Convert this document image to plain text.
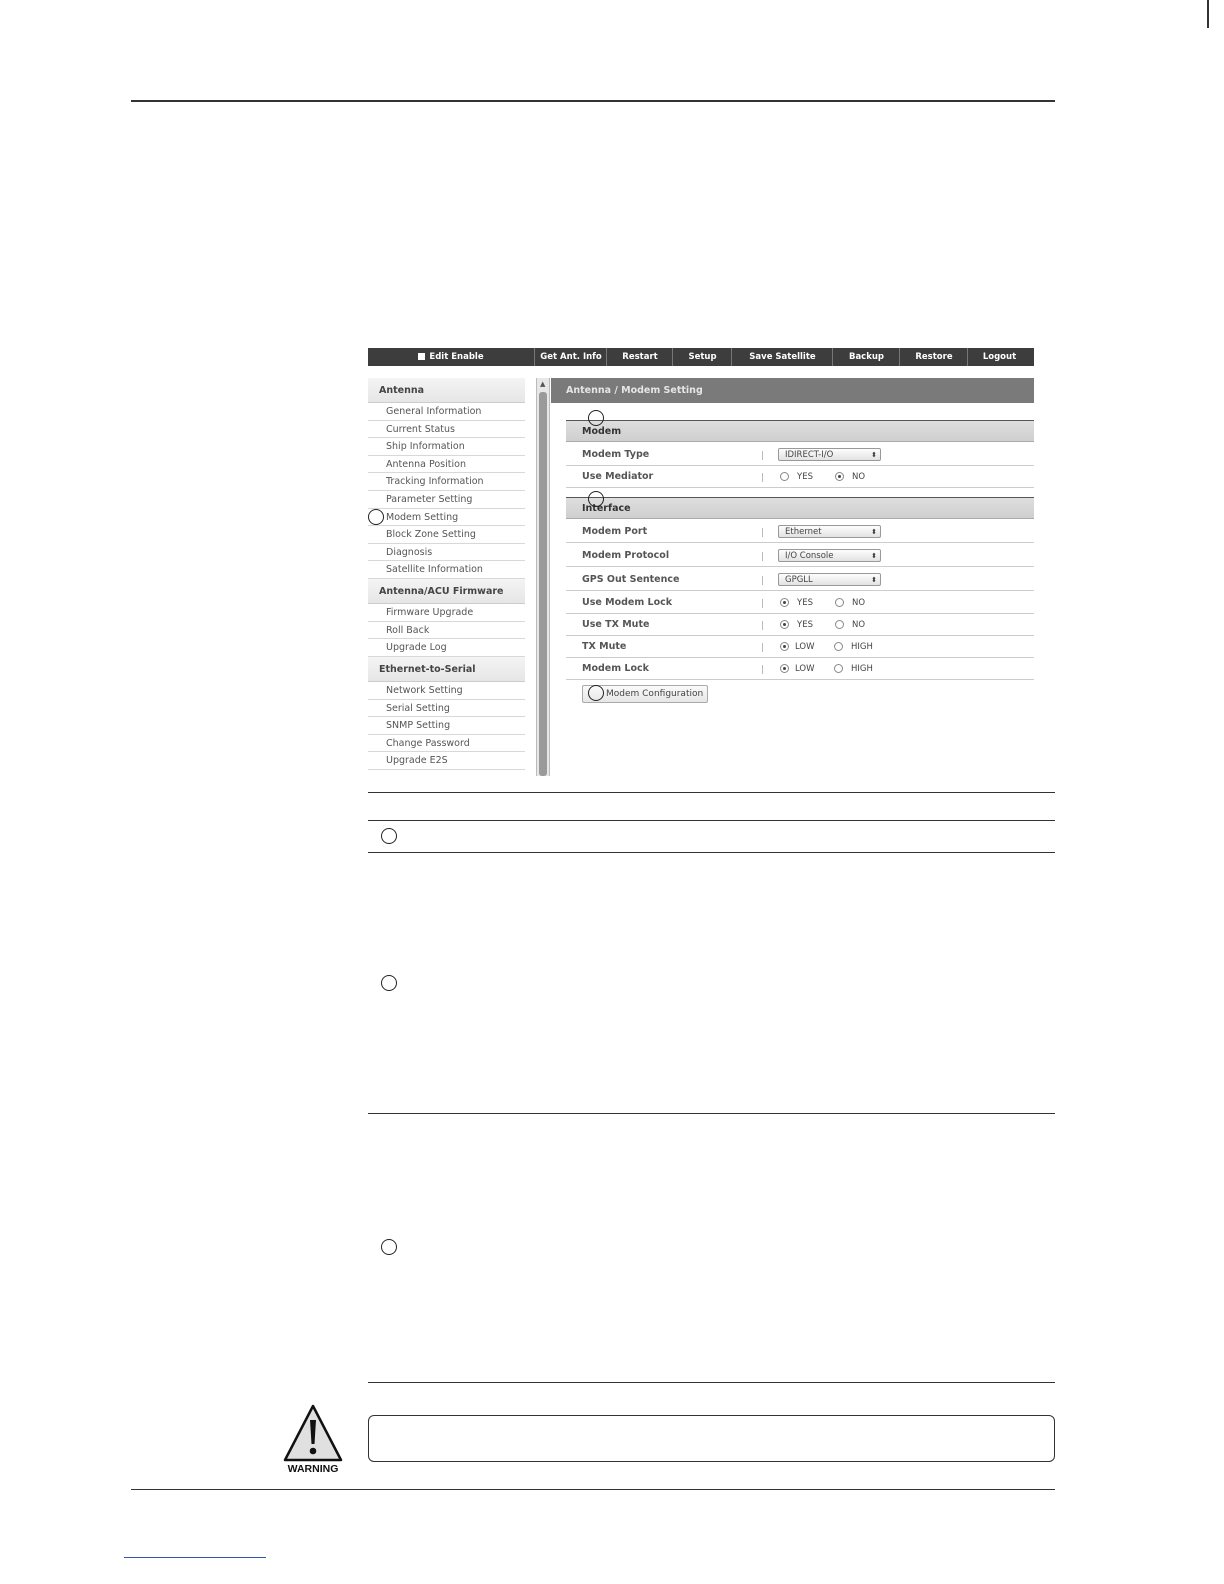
Edit Enable	Get Ant. Info	Restart	Setup	Save Satellite	Backup	Restore	Logout
Antenna
General Information
Current Status
Ship Information
Antenna Position
Tracking Information
Parameter Setting
Modem Setting
Block Zone Setting
Diagnosis
Satellite Information
Antenna/ACU Firmware
Firmware Upgrade
Roll Back
Upgrade Log
Ethernet-to-Serial
Network Setting
Serial Setting
SNMP Setting
Change Password
Upgrade E2S
▲
Antenna / Modem Setting
Modem
Modem Type	IDIRECT-I/O	⬍
Use Mediator	YES	NO
Interface
Modem Port	Ethernet	⬍
Modem Protocol	I/O Console	⬍
GPS Out Sentence	GPGLL	⬍
Use Modem Lock	YES	NO
Use TX Mute	YES	NO
TX Mute	LOW	HIGH
Modem Lock	LOW	HIGH
Modem Configuration
WARNING
